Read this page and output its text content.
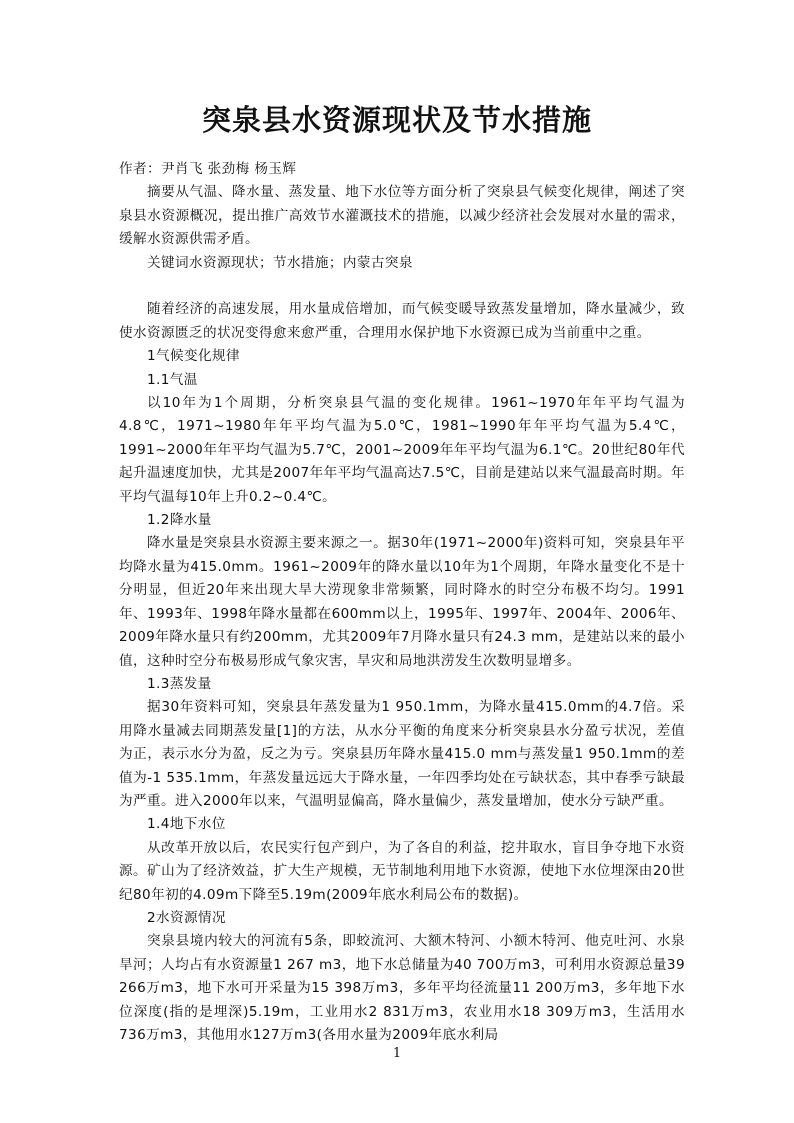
突泉县水资源现状及节水措施

作者：尹肖飞 张劲梅 杨玉辉

摘要从气温、降水量、蒸发量、地下水位等方面分析了突泉县气候变化规律，阐述了突泉县水资源概况，提出推广高效节水灌溉技术的措施，以减少经济社会发展对水量的需求，缓解水资源供需矛盾。

关键词水资源现状；节水措施；内蒙古突泉

随着经济的高速发展，用水量成倍增加，而气候变暖导致蒸发量增加，降水量减少，致使水资源匮乏的状况变得愈来愈严重，合理用水保护地下水资源已成为当前重中之重。

1气候变化规律

1.1气温

以10年为1个周期，分析突泉县气温的变化规律。1961~1970年年平均气温为4.8℃，1971~1980年年平均气温为5.0℃，1981~1990年年平均气温为5.4℃，1991~2000年年平均气温为5.7℃，2001~2009年年平均气温为6.1℃。20世纪80年代起升温速度加快，尤其是2007年年平均气温高达7.5℃，目前是建站以来气温最高时期。年平均气温每10年上升0.2~0.4℃。

1.2降水量

降水量是突泉县水资源主要来源之一。据30年(1971~2000年)资料可知，突泉县年平均降水量为415.0mm。1961~2009年的降水量以10年为1个周期，年降水量变化不是十分明显，但近20年来出现大旱大涝现象非常频繁，同时降水的时空分布极不均匀。1991年、1993年、1998年降水量都在600mm以上，1995年、1997年、2004年、2006年、2009年降水量只有约200mm，尤其2009年7月降水量只有24.3 mm，是建站以来的最小值，这种时空分布极易形成气象灾害，旱灾和局地洪涝发生次数明显增多。

1.3蒸发量

据30年资料可知，突泉县年蒸发量为1 950.1mm，为降水量415.0mm的4.7倍。采用降水量减去同期蒸发量[1]的方法，从水分平衡的角度来分析突泉县水分盈亏状况，差值为正，表示水分为盈，反之为亏。突泉县历年降水量415.0 mm与蒸发量1 950.1mm的差值为-1 535.1mm，年蒸发量远远大于降水量，一年四季均处在亏缺状态，其中春季亏缺最为严重。进入2000年以来，气温明显偏高，降水量偏少，蒸发量增加，使水分亏缺严重。

1.4地下水位

从改革开放以后，农民实行包产到户，为了各自的利益，挖井取水，盲目争夺地下水资源。矿山为了经济效益，扩大生产规模，无节制地利用地下水资源，使地下水位埋深由20世纪80年初的4.09m下降至5.19m(2009年底水利局公布的数据)。

2水资源情况

突泉县境内较大的河流有5条，即蛟流河、大额木特河、小额木特河、他克吐河、水泉旱河；人均占有水资源量1 267 m3，地下水总储量为40 700万m3，可利用水资源总量39 266万m3，地下水可开采量为15 398万m3，多年平均径流量11 200万m3，多年地下水位深度(指的是埋深)5.19m，工业用水2 831万m3，农业用水18 309万m3，生活用水736万m3，其他用水127万m3(各用水量为2009年底水利局

1
